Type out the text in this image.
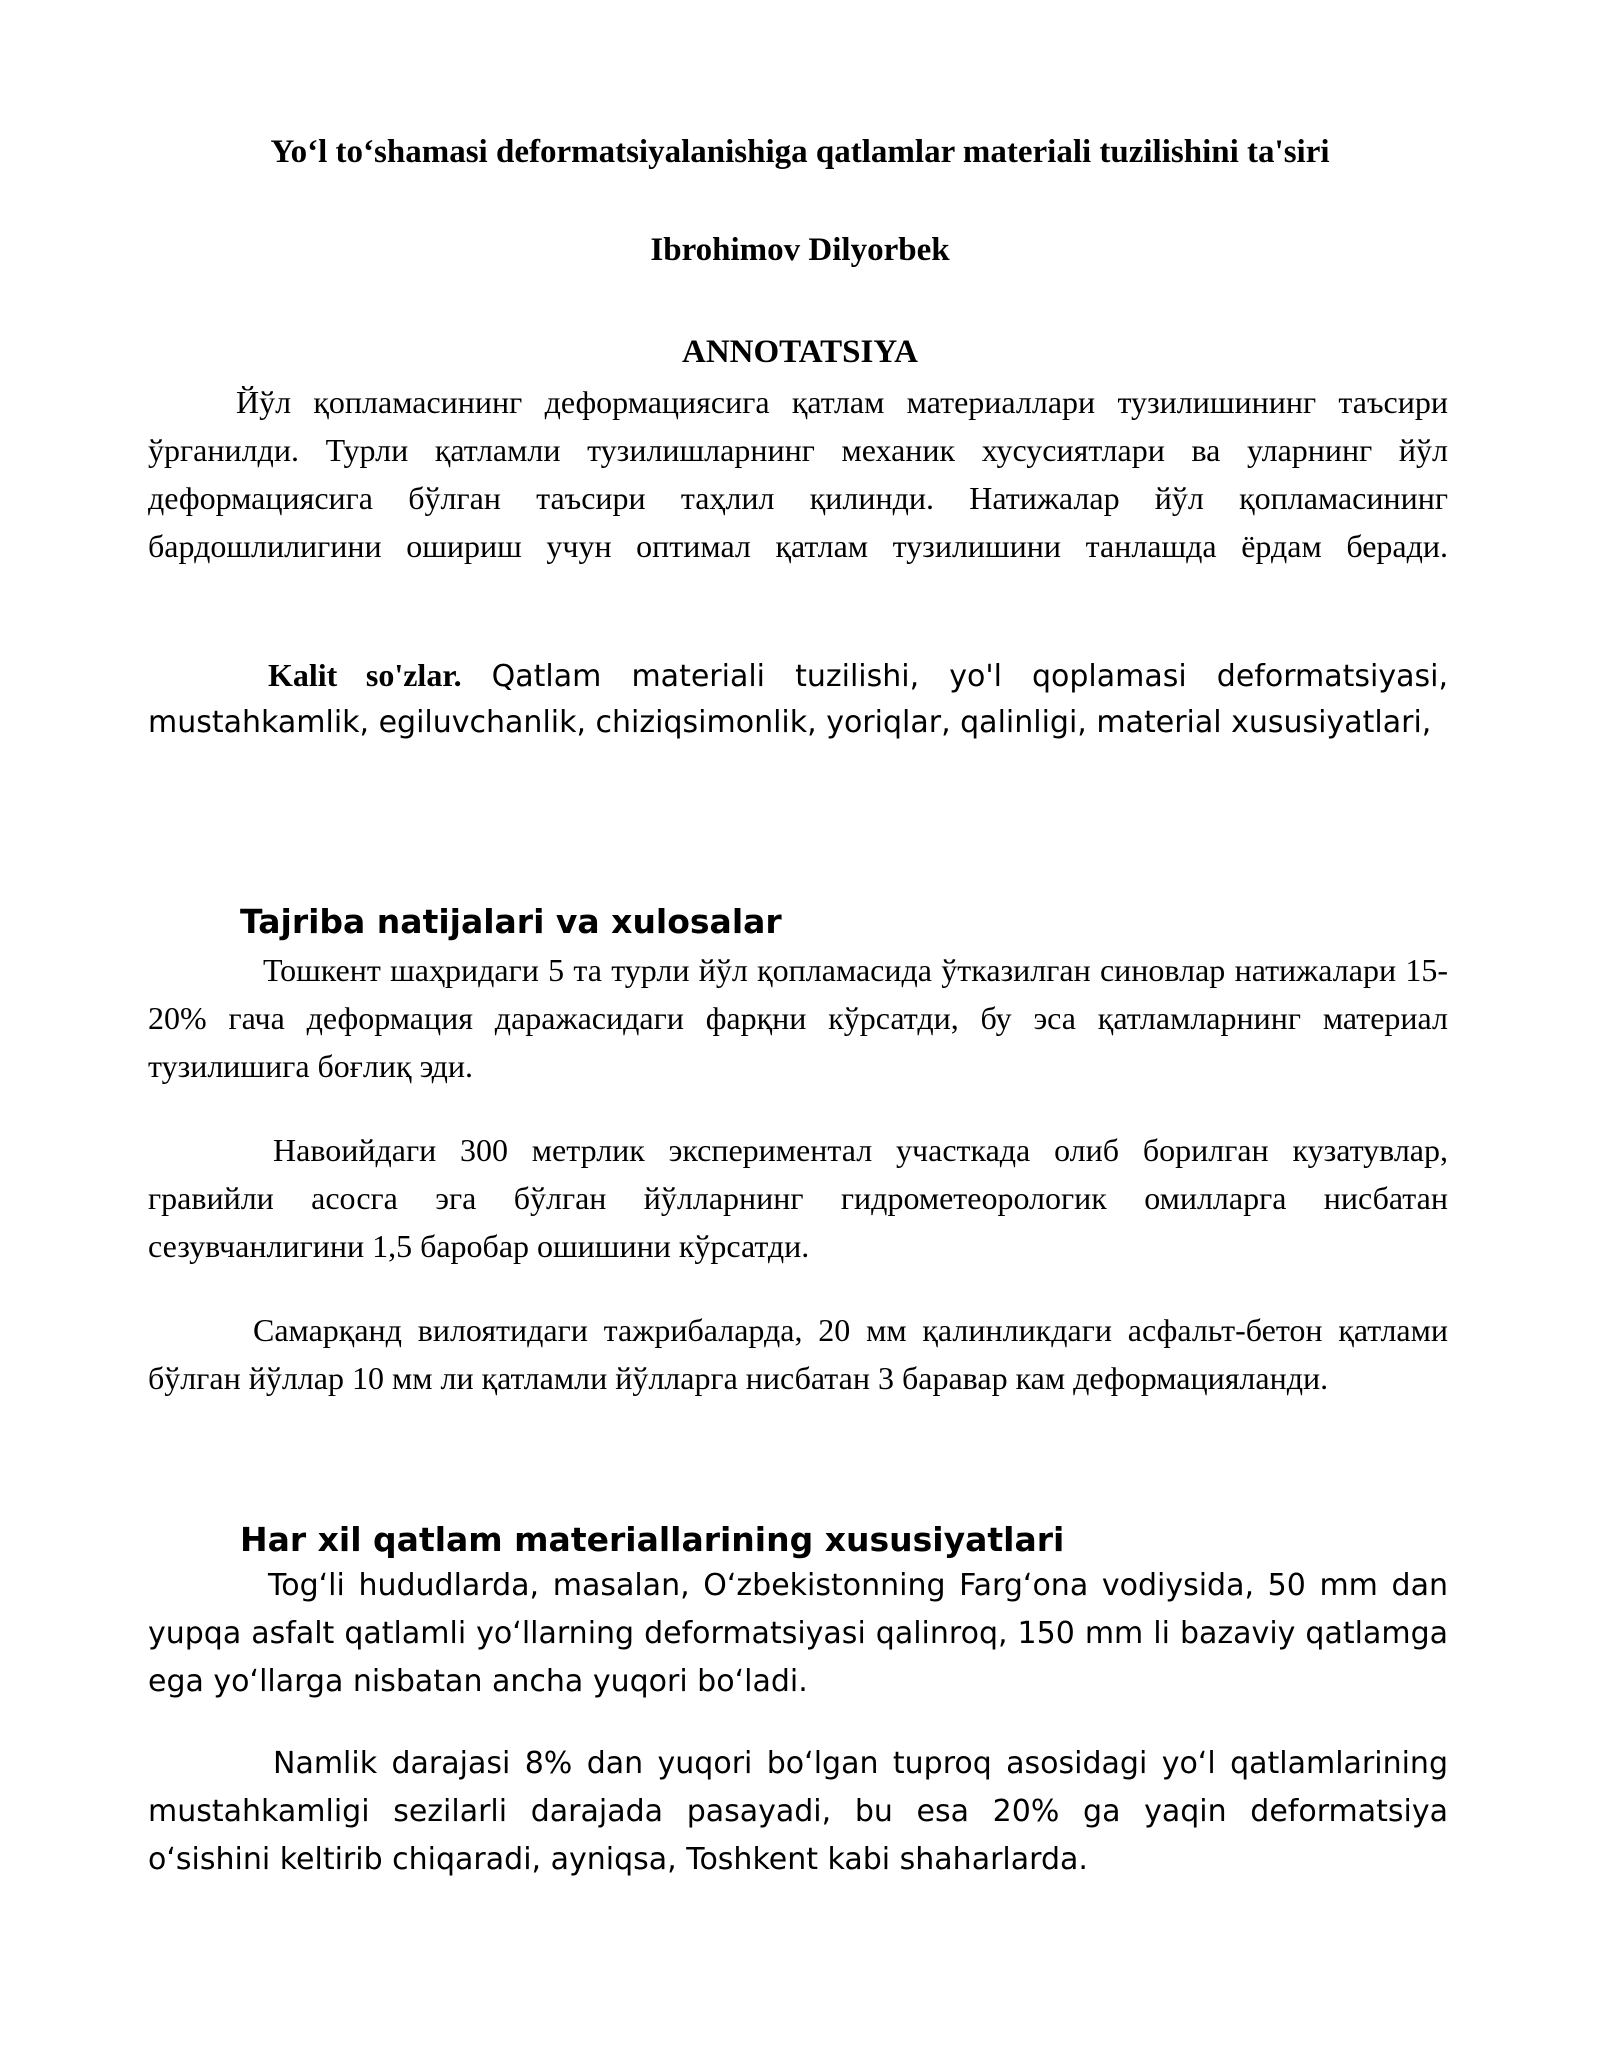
Yoʻl toʻshamasi deformatsiyalanishiga qatlamlar materiali tuzilishini ta'siri
Ibrohimov Dilyorbek
ANNOTATSIYA

Йўл қопламасининг деформациясига қатлам материаллари тузилишининг таъсири ўрганилди. Турли қатламли тузилишларнинг механик хусусиятлари ва уларнинг йўл деформациясига бўлган таъсири таҳлил қилинди. Натижалар йўл қопламасининг бардошлилигини ошириш учун оптимал қатлам тузилишини танлашда ёрдам беради.

Kalit so'zlar. Qatlam materiali tuzilishi, yo'l qoplamasi deformatsiyasi, mustahkamlik, egiluvchanlik, chiziqsimonlik, yoriqlar, qalinligi, material xususiyatlari,

Tajriba natijalari va xulosalar

Тошкент шаҳридаги 5 та турли йўл қопламасида ўтказилган синовлар натижалари 15-20% гача деформация даражасидаги фарқни кўрсатди, бу эса қатламларнинг материал тузилишига боғлиқ эди.

Навоийдаги 300 метрлик экспериментал участкада олиб борилган кузатувлар, гравийли асосга эга бўлган йўлларнинг гидрометеорологик омилларга нисбатан сезувчанлигини 1,5 баробар ошишини кўрсатди.

Самарқанд вилоятидаги тажрибаларда, 20 мм қалинликдаги асфальт-бетон қатлами бўлган йўллар 10 мм ли қатламли йўлларга нисбатан 3 баравар кам деформацияланди.

Har xil qatlam materiallarining xususiyatlari

Togʻli hududlarda, masalan, Oʻzbekistonning Fargʻona vodiysida, 50 mm dan yupqa asfalt qatlamli yoʻllarning deformatsiyasi qalinroq, 150 mm li bazaviy qatlamga ega yoʻllarga nisbatan ancha yuqori boʻladi.

Namlik darajasi 8% dan yuqori boʻlgan tuproq asosidagi yoʻl qatlamlarining mustahkamligi sezilarli darajada pasayadi, bu esa 20% ga yaqin deformatsiya oʻsishini keltirib chiqaradi, ayniqsa, Toshkent kabi shaharlarda.
